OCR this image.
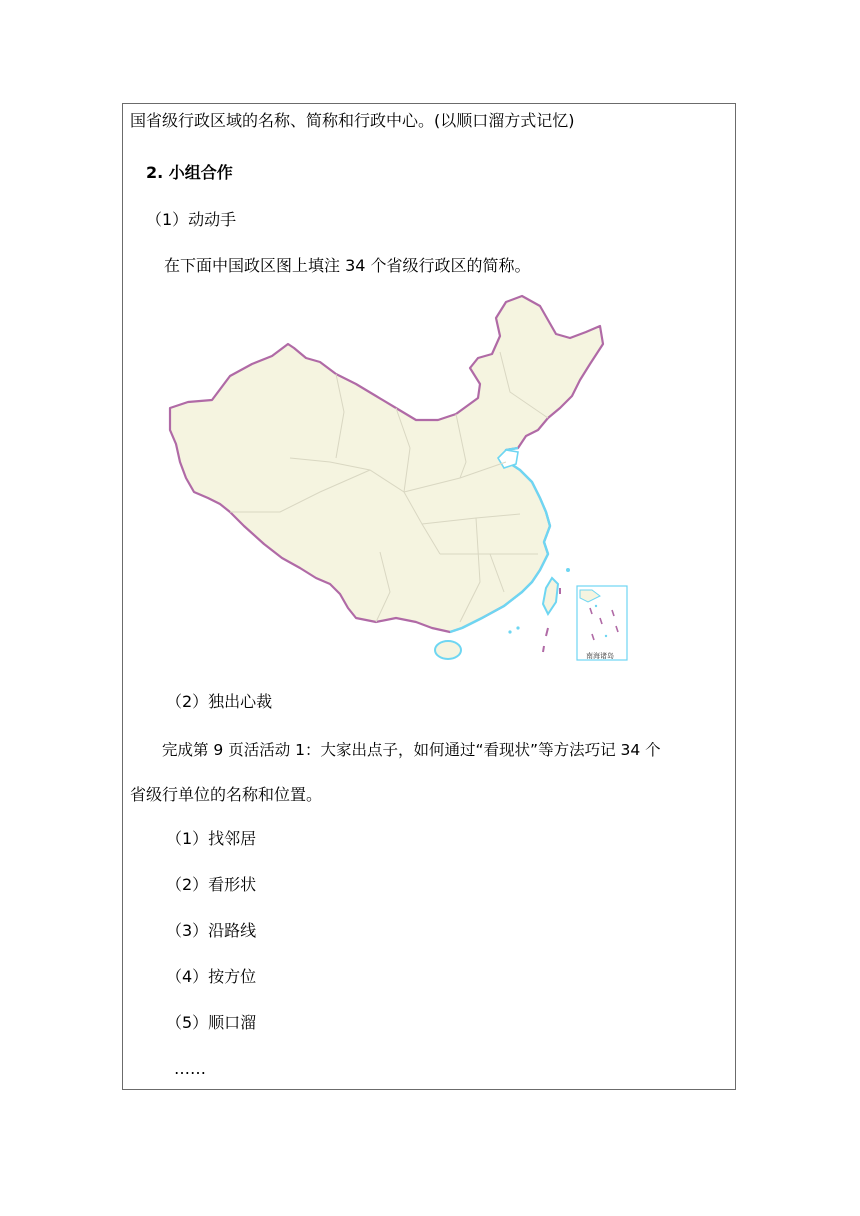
国省级行政区域的名称、简称和行政中心。(以顺口溜方式记忆)
2. 小组合作
（1）动动手
在下面中国政区图上填注 34 个省级行政区的简称。
南海诸岛
（2）独出心裁
完成第 9 页活活动 1：大家出点子，如何通过“看现状”等方法巧记 34 个
省级行单位的名称和位置。
（1）找邻居
（2）看形状
（3）沿路线
（4）按方位
（5）顺口溜
……
